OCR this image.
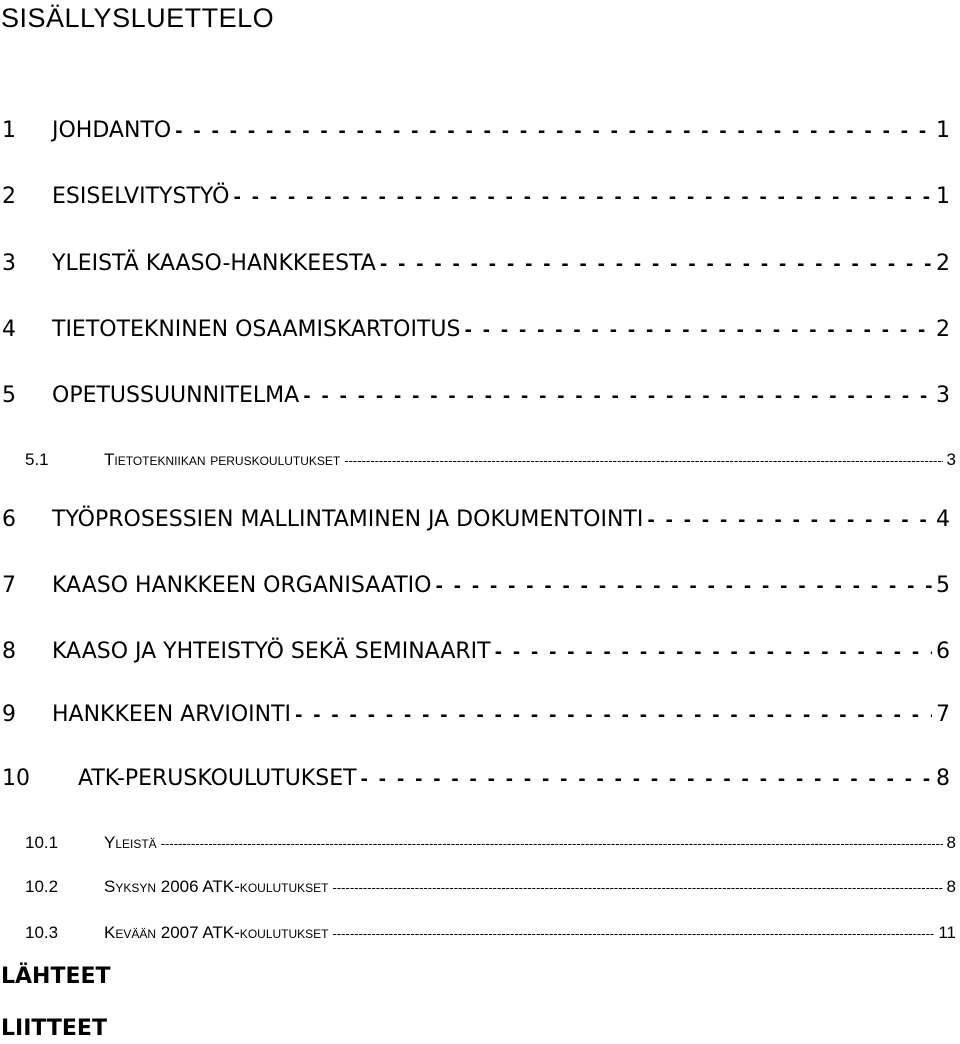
SISÄLLYSLUETTELO
1	JOHDANTO - - -	1
2	ESISELVITYSTYÖ - - -	1
3	YLEISTÄ KAASO-HANKKEESTA - - -	2
4	TIETOTEKNINEN OSAAMISKARTOITUS - - -	2
5	OPETUSSUUNNITELMA - - -	3
5.1	Tietotekniikan peruskoulutukset -----	3
6	TYÖPROSESSIEN MALLINTAMINEN JA DOKUMENTOINTI - - -	4
7	KAASO HANKKEEN ORGANISAATIO - - -	5
8	KAASO JA YHTEISTYÖ SEKÄ SEMINAARIT - - -	6
9	HANKKEEN ARVIOINTI - - -	7
10	ATK-PERUSKOULUTUKSET - - -	8
10.1	Yleistä -----	8
10.2	Syksyn 2006 ATK-koulutukset -----	8
10.3	Kevään 2007 ATK-koulutukset -----	11
LÄHTEET
LIITTEET
